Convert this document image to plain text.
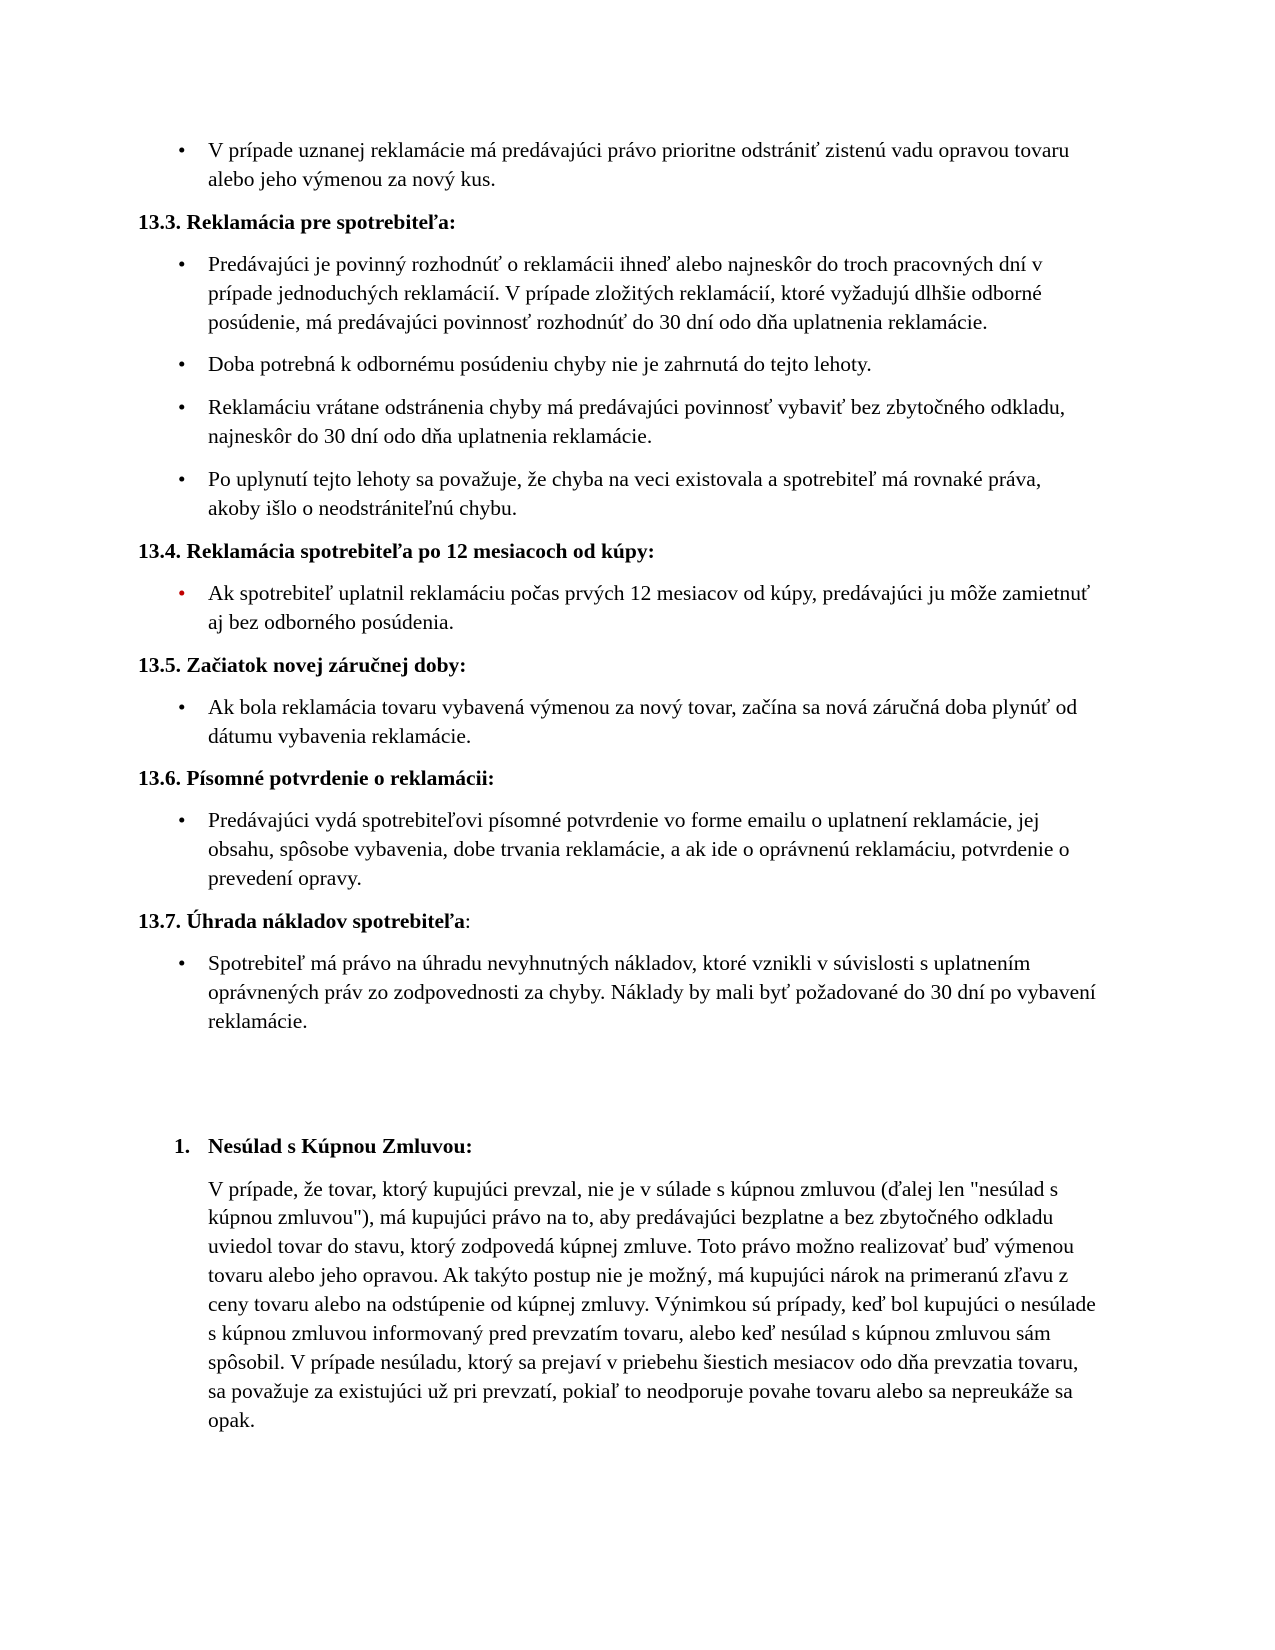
• V prípade uznanej reklamácie má predávajúci právo prioritne odstrániť zistenú vadu opravou tovaru alebo jeho výmenou za nový kus.

13.3. Reklamácia pre spotrebiteľa:

• Predávajúci je povinný rozhodnúť o reklamácii ihneď alebo najneskôr do troch pracovných dní v prípade jednoduchých reklamácií. V prípade zložitých reklamácií, ktoré vyžadujú dlhšie odborné posúdenie, má predávajúci povinnosť rozhodnúť do 30 dní odo dňa uplatnenia reklamácie.
• Doba potrebná k odbornému posúdeniu chyby nie je zahrnutá do tejto lehoty.
• Reklamáciu vrátane odstránenia chyby má predávajúci povinnosť vybaviť bez zbytočného odkladu, najneskôr do 30 dní odo dňa uplatnenia reklamácie.
• Po uplynutí tejto lehoty sa považuje, že chyba na veci existovala a spotrebiteľ má rovnaké práva, akoby išlo o neodstrániteľnú chybu.

13.4. Reklamácia spotrebiteľa po 12 mesiacoch od kúpy:

• Ak spotrebiteľ uplatnil reklamáciu počas prvých 12 mesiacov od kúpy, predávajúci ju môže zamietnuť aj bez odborného posúdenia.

13.5. Začiatok novej záručnej doby:

• Ak bola reklamácia tovaru vybavená výmenou za nový tovar, začína sa nová záručná doba plynúť od dátumu vybavenia reklamácie.

13.6. Písomné potvrdenie o reklamácii:

• Predávajúci vydá spotrebiteľovi písomné potvrdenie vo forme emailu o uplatnení reklamácie, jej obsahu, spôsobe vybavenia, dobe trvania reklamácie, a ak ide o oprávnenú reklamáciu, potvrdenie o prevedení opravy.

13.7. Úhrada nákladov spotrebiteľa:

• Spotrebiteľ má právo na úhradu nevyhnutných nákladov, ktoré vznikli v súvislosti s uplatnením oprávnených práv zo zodpovednosti za chyby. Náklady by mali byť požadované do 30 dní po vybavení reklamácie.
1. Nesúlad s Kúpnou Zmluvou:

V prípade, že tovar, ktorý kupujúci prevzal, nie je v súlade s kúpnou zmluvou (ďalej len "nesúlad s kúpnou zmluvou"), má kupujúci právo na to, aby predávajúci bezplatne a bez zbytočného odkladu uviedol tovar do stavu, ktorý zodpovedá kúpnej zmluve. Toto právo možno realizovať buď výmenou tovaru alebo jeho opravou. Ak takýto postup nie je možný, má kupujúci nárok na primeranú zľavu z ceny tovaru alebo na odstúpenie od kúpnej zmluvy. Výnimkou sú prípady, keď bol kupujúci o nesúlade s kúpnou zmluvou informovaný pred prevzatím tovaru, alebo keď nesúlad s kúpnou zmluvou sám spôsobil. V prípade nesúladu, ktorý sa prejaví v priebehu šiestich mesiacov odo dňa prevzatia tovaru, sa považuje za existujúci už pri prevzatí, pokiaľ to neodporuje povahe tovaru alebo sa nepreukáže sa opak.
